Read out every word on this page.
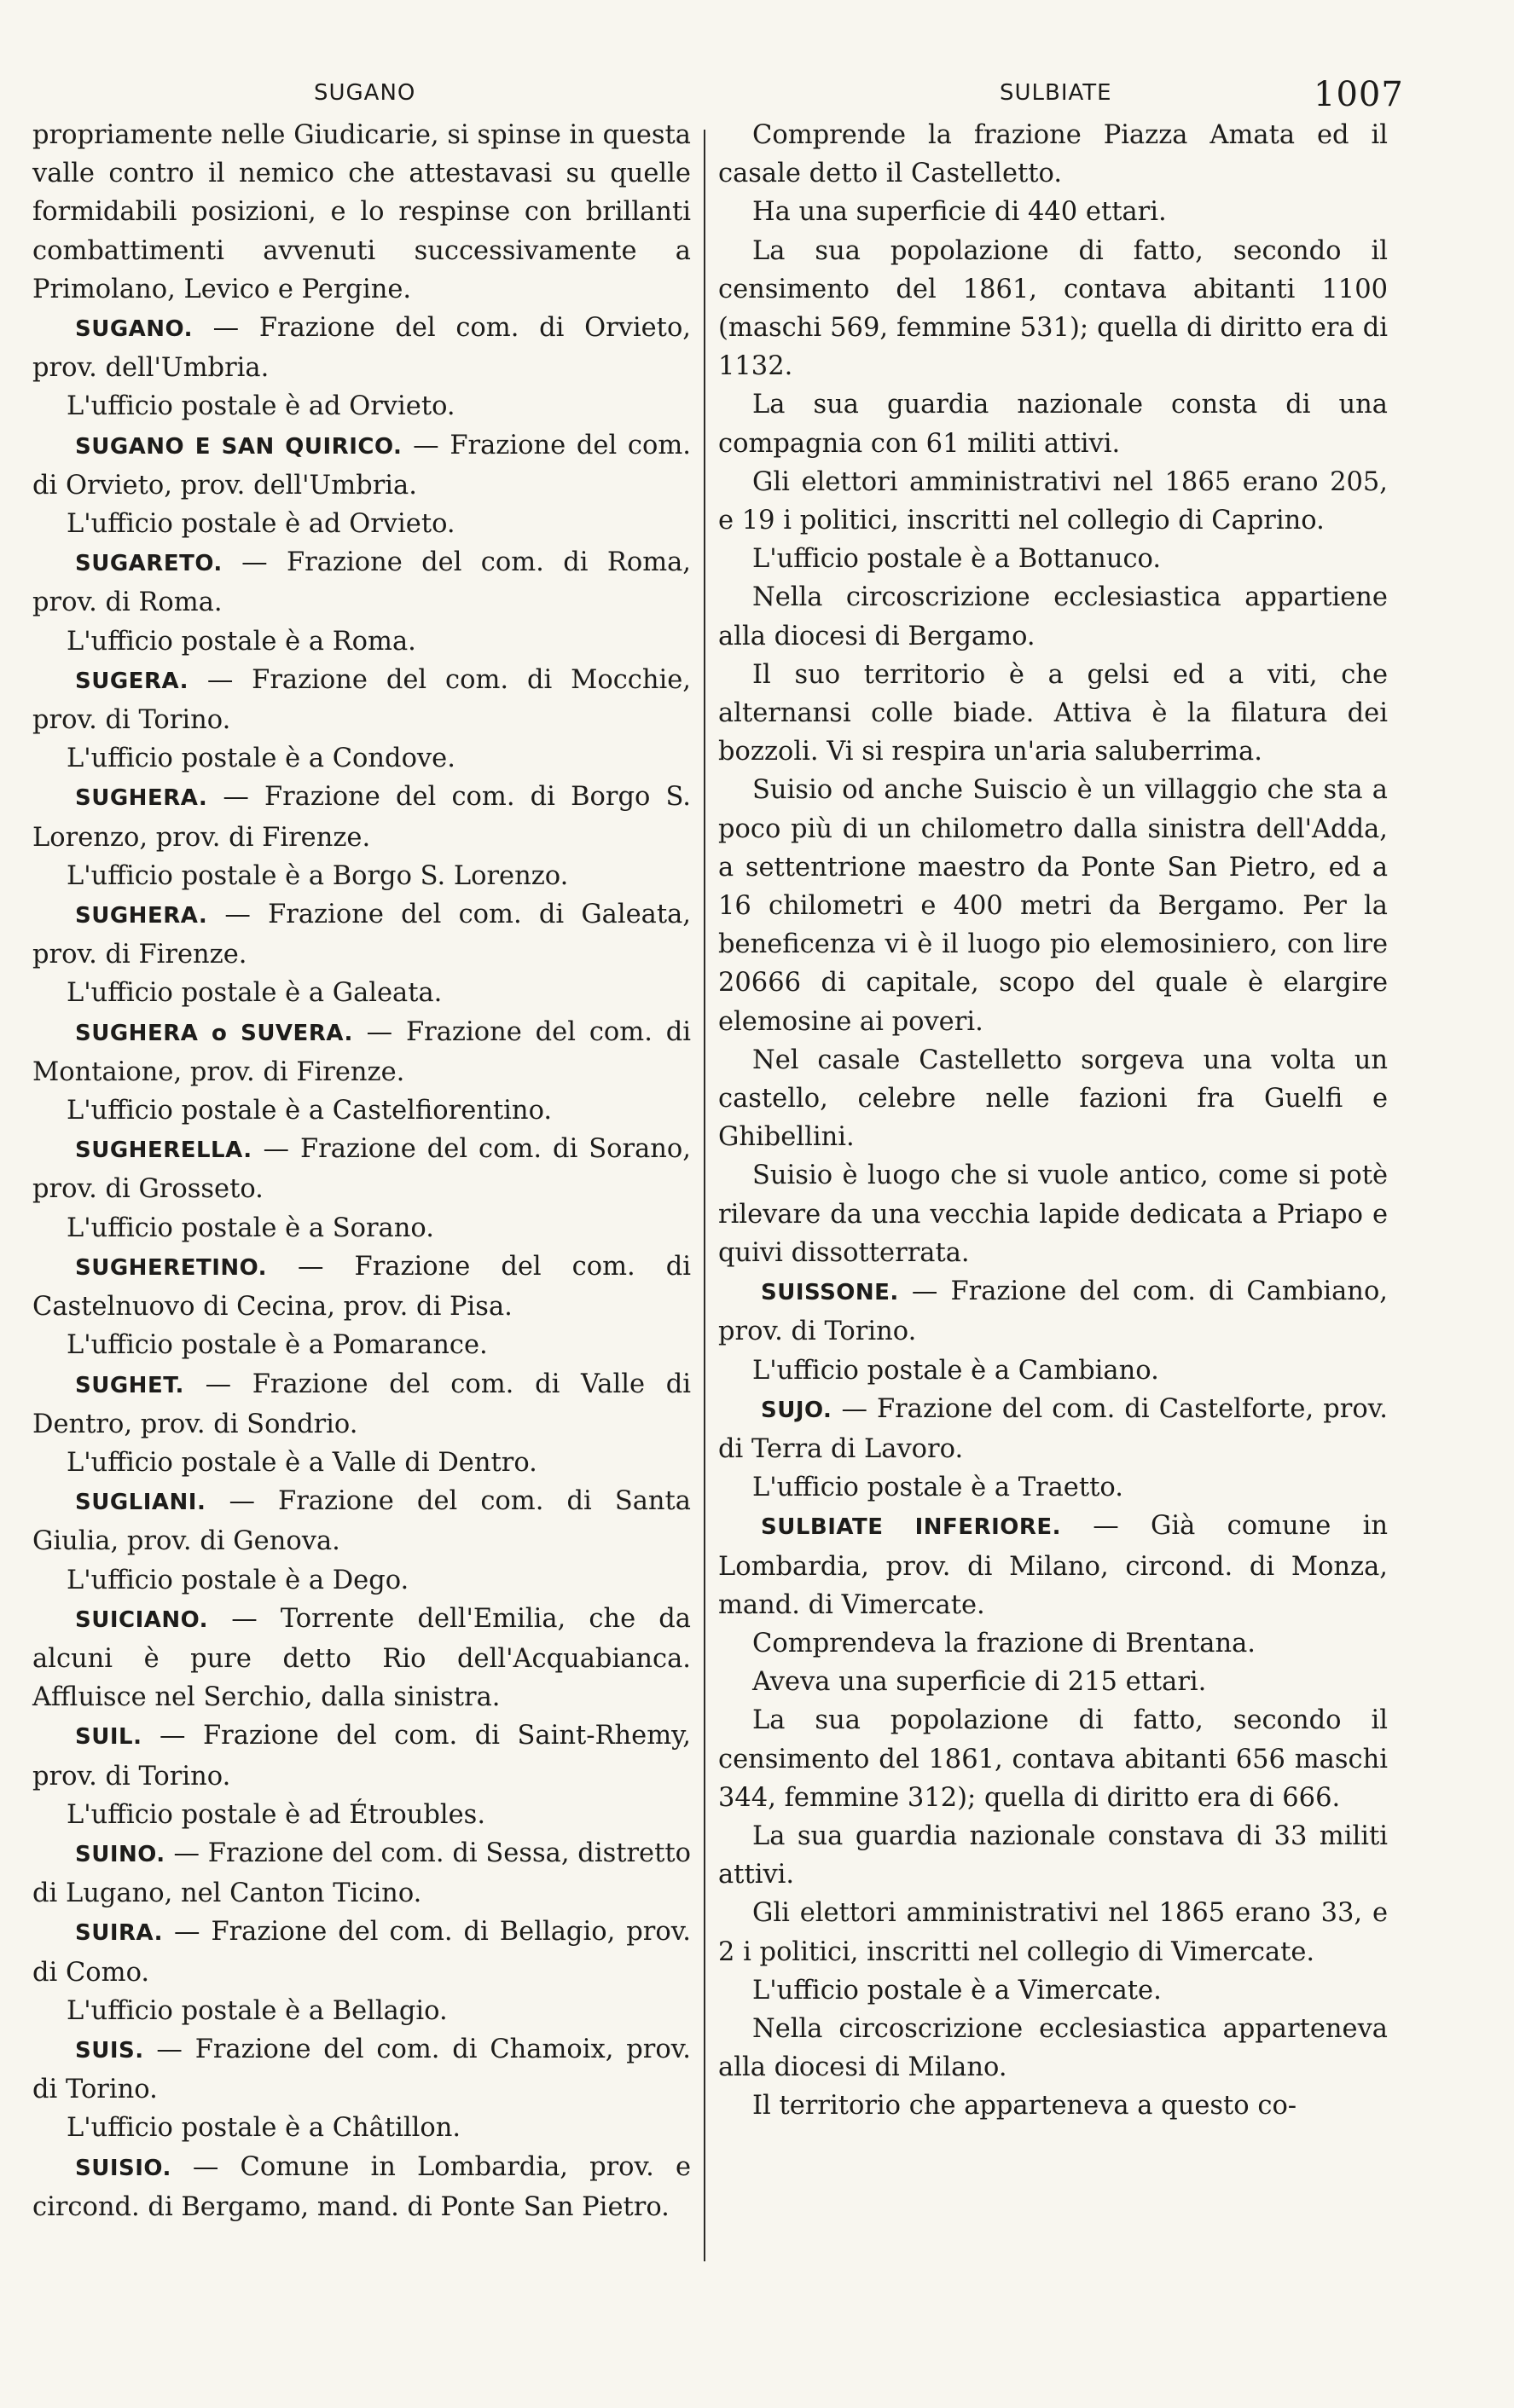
SUGANO	SULBIATE	1007

propriamente nelle Giudicarie, si spinse in questa valle contro il nemico che attestavasi su quelle formidabili posizioni, e lo respinse con brillanti combattimenti avvenuti successivamente a Primolano, Levico e Pergine.

SUGANO. — Frazione del com. di Orvieto, prov. dell'Umbria.

L'ufficio postale è ad Orvieto.

SUGANO E SAN QUIRICO. — Frazione del com. di Orvieto, prov. dell'Umbria.

L'ufficio postale è ad Orvieto.

SUGARETO. — Frazione del com. di Roma, prov. di Roma.

L'ufficio postale è a Roma.

SUGERA. — Frazione del com. di Mocchie, prov. di Torino.

L'ufficio postale è a Condove.

SUGHERA. — Frazione del com. di Borgo S. Lorenzo, prov. di Firenze.

L'ufficio postale è a Borgo S. Lorenzo.

SUGHERA. — Frazione del com. di Galeata, prov. di Firenze.

L'ufficio postale è a Galeata.

SUGHERA o SUVERA. — Frazione del com. di Montaione, prov. di Firenze.

L'ufficio postale è a Castelfiorentino.

SUGHERELLA. — Frazione del com. di Sorano, prov. di Grosseto.

L'ufficio postale è a Sorano.

SUGHERETINO. — Frazione del com. di Castelnuovo di Cecina, prov. di Pisa.

L'ufficio postale è a Pomarance.

SUGHET. — Frazione del com. di Valle di Dentro, prov. di Sondrio.

L'ufficio postale è a Valle di Dentro.

SUGLIANI. — Frazione del com. di Santa Giulia, prov. di Genova.

L'ufficio postale è a Dego.

SUICIANO. — Torrente dell'Emilia, che da alcuni è pure detto Rio dell'Acquabianca. Affluisce nel Serchio, dalla sinistra.

SUIL. — Frazione del com. di Saint-Rhemy, prov. di Torino.

L'ufficio postale è ad Étroubles.

SUINO. — Frazione del com. di Sessa, distretto di Lugano, nel Canton Ticino.

SUIRA. — Frazione del com. di Bellagio, prov. di Como.

L'ufficio postale è a Bellagio.

SUIS. — Frazione del com. di Chamoix, prov. di Torino.

L'ufficio postale è a Châtillon.

SUISIO. — Comune in Lombardia, prov. e circond. di Bergamo, mand. di Ponte San Pietro.

Comprende la frazione Piazza Amata ed il casale detto il Castelletto.

Ha una superficie di 440 ettari.

La sua popolazione di fatto, secondo il censimento del 1861, contava abitanti 1100 (maschi 569, femmine 531); quella di diritto era di 1132.

La sua guardia nazionale consta di una compagnia con 61 militi attivi.

Gli elettori amministrativi nel 1865 erano 205, e 19 i politici, inscritti nel collegio di Caprino.

L'ufficio postale è a Bottanuco.

Nella circoscrizione ecclesiastica appartiene alla diocesi di Bergamo.

Il suo territorio è a gelsi ed a viti, che alternansi colle biade. Attiva è la filatura dei bozzoli. Vi si respira un'aria saluberrima.

Suisio od anche Suiscio è un villaggio che sta a poco più di un chilometro dalla sinistra dell'Adda, a settentrione maestro da Ponte San Pietro, ed a 16 chilometri e 400 metri da Bergamo. Per la beneficenza vi è il luogo pio elemosiniero, con lire 20666 di capitale, scopo del quale è elargire elemosine ai poveri.

Nel casale Castelletto sorgeva una volta un castello, celebre nelle fazioni fra Guelfi e Ghibellini.

Suisio è luogo che si vuole antico, come si potè rilevare da una vecchia lapide dedicata a Priapo e quivi dissotterrata.

SUISSONE. — Frazione del com. di Cambiano, prov. di Torino.

L'ufficio postale è a Cambiano.

SUJO. — Frazione del com. di Castelforte, prov. di Terra di Lavoro.

L'ufficio postale è a Traetto.

SULBIATE INFERIORE. — Già comune in Lombardia, prov. di Milano, circond. di Monza, mand. di Vimercate.

Comprendeva la frazione di Brentana.

Aveva una superficie di 215 ettari.

La sua popolazione di fatto, secondo il censimento del 1861, contava abitanti 656 maschi 344, femmine 312); quella di diritto era di 666.

La sua guardia nazionale constava di 33 militi attivi.

Gli elettori amministrativi nel 1865 erano 33, e 2 i politici, inscritti nel collegio di Vimercate.

L'ufficio postale è a Vimercate.

Nella circoscrizione ecclesiastica apparteneva alla diocesi di Milano.

Il territorio che apparteneva a questo co-
